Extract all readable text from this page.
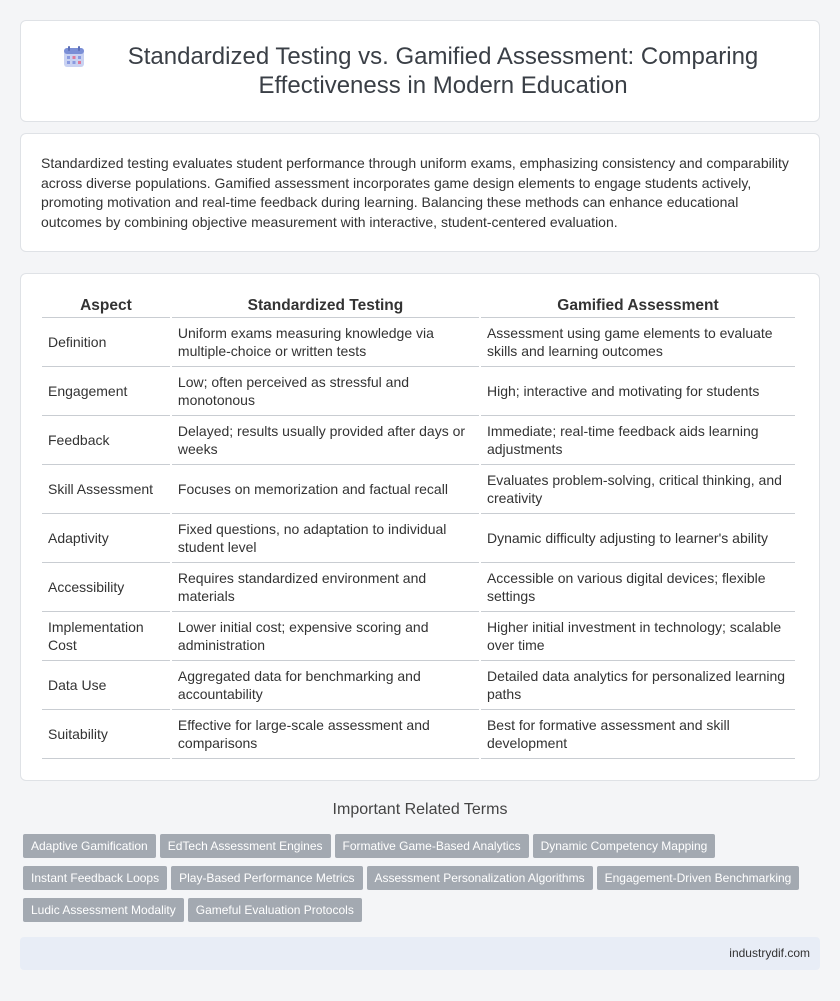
Standardized Testing vs. Gamified Assessment: Comparing Effectiveness in Modern Education

Standardized testing evaluates student performance through uniform exams, emphasizing consistency and comparability across diverse populations. Gamified assessment incorporates game design elements to engage students actively, promoting motivation and real-time feedback during learning. Balancing these methods can enhance educational outcomes by combining objective measurement with interactive, student-centered evaluation.

Aspect	Standardized Testing	Gamified Assessment
Definition	Uniform exams measuring knowledge via multiple-choice or written tests	Assessment using game elements to evaluate skills and learning outcomes
Engagement	Low; often perceived as stressful and monotonous	High; interactive and motivating for students
Feedback	Delayed; results usually provided after days or weeks	Immediate; real-time feedback aids learning adjustments
Skill Assessment	Focuses on memorization and factual recall	Evaluates problem-solving, critical thinking, and creativity
Adaptivity	Fixed questions, no adaptation to individual student level	Dynamic difficulty adjusting to learner's ability
Accessibility	Requires standardized environment and materials	Accessible on various digital devices; flexible settings
Implementation Cost	Lower initial cost; expensive scoring and administration	Higher initial investment in technology; scalable over time
Data Use	Aggregated data for benchmarking and accountability	Detailed data analytics for personalized learning paths
Suitability	Effective for large-scale assessment and comparisons	Best for formative assessment and skill development
Important Related Terms
Adaptive Gamification EdTech Assessment Engines Formative Game-Based Analytics Dynamic Competency Mapping
Instant Feedback Loops Play-Based Performance Metrics Assessment Personalization Algorithms Engagement-Driven Benchmarking
Ludic Assessment Modality Gameful Evaluation Protocols
industrydif.com
